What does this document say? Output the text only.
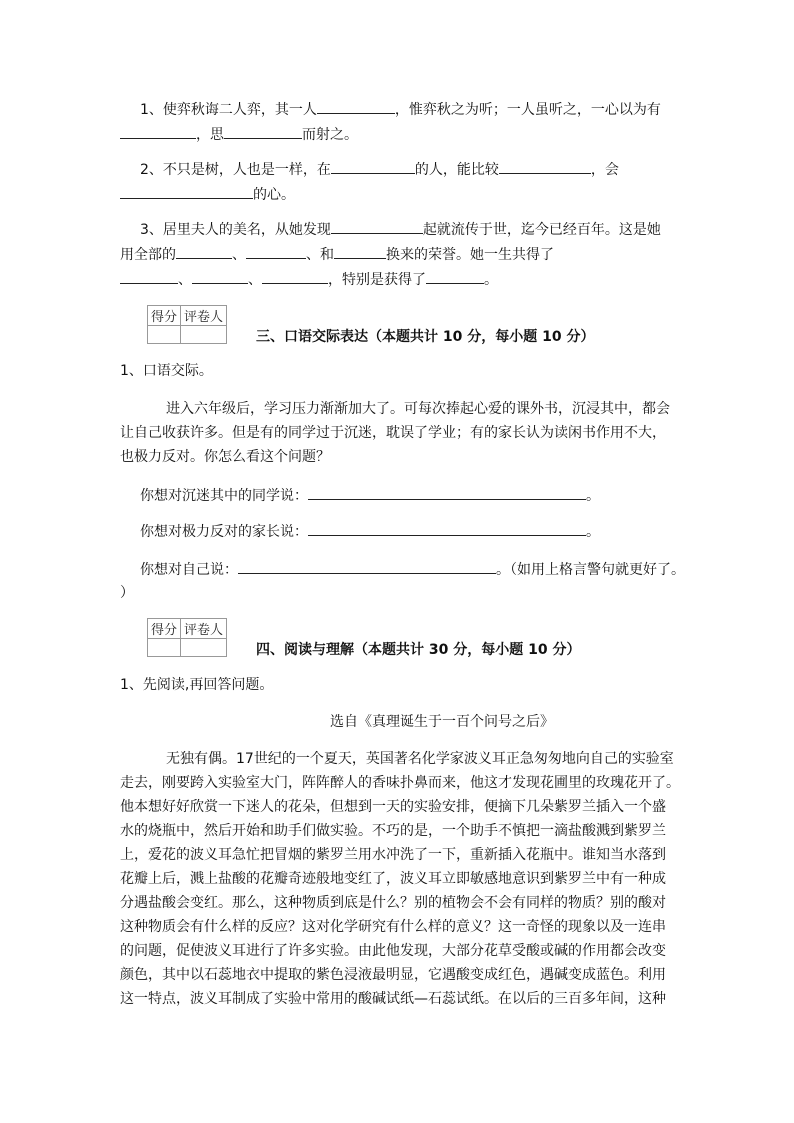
1、使弈秋诲二人弈，其一人	，惟弈秋之为听；一人虽听之，一心以为有
，思	而射之。
2、不只是树，人也是一样，在	的人，能比较	，会
的心。
3、居里夫人的美名，从她发现	起就流传于世，迄今已经百年。这是她
用全部的	、	、和	换来的荣誉。她一生共得了
、	、	，特别是获得了	。
得分	评卷人

三、口语交际表达（本题共计 10 分，每小题 10 分）
1、口语交际。
进入六年级后，学习压力渐渐加大了。可每次捧起心爱的课外书，沉浸其中，都会
让自己收获许多。但是有的同学过于沉迷，耽误了学业；有的家长认为读闲书作用不大，
也极力反对。你怎么看这个问题？
你想对沉迷其中的同学说：	。
你想对极力反对的家长说：	。
你想对自己说：	。（如用上格言警句就更好了。
）
得分	评卷人

四、阅读与理解（本题共计 30 分，每小题 10 分）
1、先阅读,再回答问题。
选自《真理诞生于一百个问号之后》
无独有偶。17世纪的一个夏天，英国著名化学家波义耳正急匆匆地向自己的实验室
走去，刚要跨入实验室大门，阵阵醉人的香味扑鼻而来，他这才发现花圃里的玫瑰花开了。
他本想好好欣赏一下迷人的花朵，但想到一天的实验安排，便摘下几朵紫罗兰插入一个盛
水的烧瓶中，然后开始和助手们做实验。不巧的是，一个助手不慎把一滴盐酸溅到紫罗兰
上，爱花的波义耳急忙把冒烟的紫罗兰用水冲洗了一下，重新插入花瓶中。谁知当水落到
花瓣上后，溅上盐酸的花瓣奇迹般地变红了，波义耳立即敏感地意识到紫罗兰中有一种成
分遇盐酸会变红。那么，这种物质到底是什么？别的植物会不会有同样的物质？别的酸对
这种物质会有什么样的反应？这对化学研究有什么样的意义？这一奇怪的现象以及一连串
的问题，促使波义耳进行了许多实验。由此他发现，大部分花草受酸或碱的作用都会改变
颜色，其中以石蕊地衣中提取的紫色浸液最明显，它遇酸变成红色，遇碱变成蓝色。利用
这一特点，波义耳制成了实验中常用的酸碱试纸—石蕊试纸。在以后的三百多年间，这种
